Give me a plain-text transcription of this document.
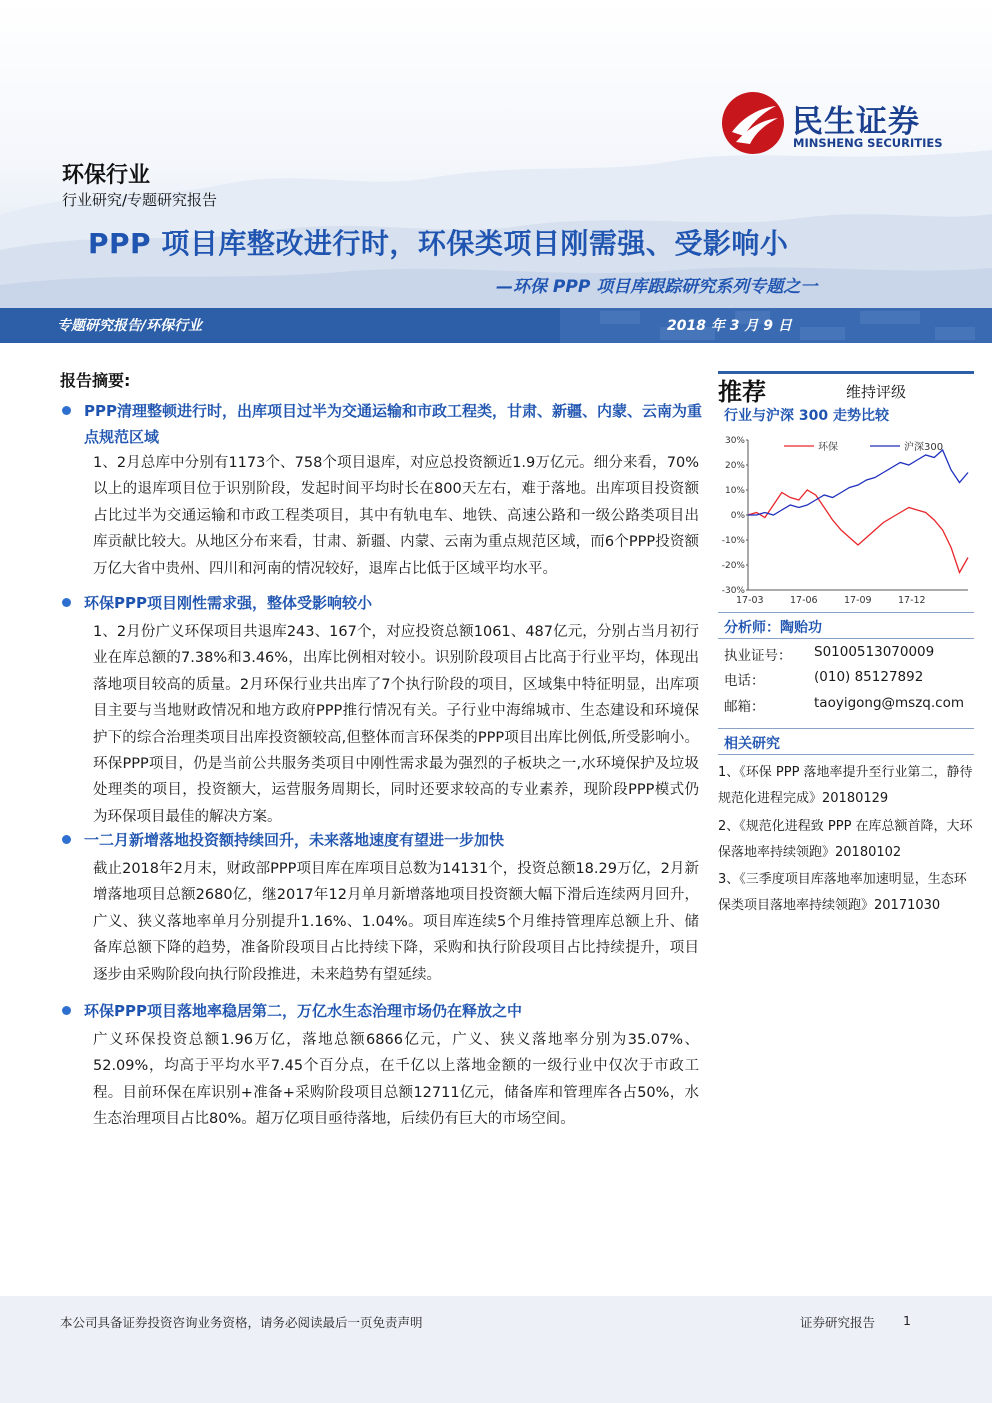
民生证券
MINSHENG SECURITIES
环保行业
行业研究/专题研究报告
PPP 项目库整改进行时，环保类项目刚需强、受影响小
—环保 PPP 项目库跟踪研究系列专题之一
专题研究报告/环保行业	2018 年 3 月 9 日
报告摘要:
PPP清理整顿进行时，出库项目过半为交通运输和市政工程类，甘肃、新疆、内蒙、云南为重点规范区域

1、2月总库中分别有1173个、758个项目退库，对应总投资额近1.9万亿元。细分来看，70%以上的退库项目位于识别阶段，发起时间平均时长在800天左右，难于落地。出库项目投资额占比过半为交通运输和市政工程类项目，其中有轨电车、地铁、高速公路和一级公路类项目出库贡献比较大。从地区分布来看，甘肃、新疆、内蒙、云南为重点规范区域，而6个PPP投资额万亿大省中贵州、四川和河南的情况较好，退库占比低于区域平均水平。

环保PPP项目刚性需求强，整体受影响较小

1、2月份广义环保项目共退库243、167个，对应投资总额1061、487亿元，分别占当月初行业在库总额的7.38%和3.46%，出库比例相对较小。识别阶段项目占比高于行业平均，体现出落地项目较高的质量。2月环保行业共出库了7个执行阶段的项目，区域集中特征明显，出库项目主要与当地财政情况和地方政府PPP推行情况有关。子行业中海绵城市、生态建设和环境保护下的综合治理类项目出库投资额较高,但整体而言环保类的PPP项目出库比例低,所受影响小。环保PPP项目，仍是当前公共服务类项目中刚性需求最为强烈的子板块之一,水环境保护及垃圾处理类的项目，投资额大，运营服务周期长，同时还要求较高的专业素养，现阶段PPP模式仍为环保项目最佳的解决方案。

一二月新增落地投资额持续回升，未来落地速度有望进一步加快

截止2018年2月末，财政部PPP项目库在库项目总数为14131个，投资总额18.29万亿，2月新增落地项目总额2680亿，继2017年12月单月新增落地项目投资额大幅下滑后连续两月回升，广义、狭义落地率单月分别提升1.16%、1.04%。项目库连续5个月维持管理库总额上升、储备库总额下降的趋势，准备阶段项目占比持续下降，采购和执行阶段项目占比持续提升，项目逐步由采购阶段向执行阶段推进，未来趋势有望延续。

环保PPP项目落地率稳居第二，万亿水生态治理市场仍在释放之中

广义环保投资总额1.96万亿，落地总额6866亿元，广义、狭义落地率分别为35.07%、52.09%，均高于平均水平7.45个百分点，在千亿以上落地金额的一级行业中仅次于市政工程。目前环保在库识别+准备+采购阶段项目总额12711亿元，储备库和管理库各占50%，水生态治理项目占比80%。超万亿项目亟待落地，后续仍有巨大的市场空间。

推荐	维持评级
行业与沪深 300 走势比较
环保	沪深300
30%
20%
10%
0%
-10%
-20%
-30%
17-03	17-06	17-09	17-12
分析师：陶贻功
执业证号： S0100513070009
电话：	(010) 85127892
邮箱：	taoyigong@mszq.com
相关研究

1、《环保 PPP 落地率提升至行业第二，静待规范化进程完成》20180129

2、《规范化进程致 PPP 在库总额首降，大环保落地率持续领跑》20180102

3、《三季度项目库落地率加速明显，生态环保类项目落地率持续领跑》20171030

本公司具备证券投资咨询业务资格，请务必阅读最后一页免责声明	证券研究报告 1
